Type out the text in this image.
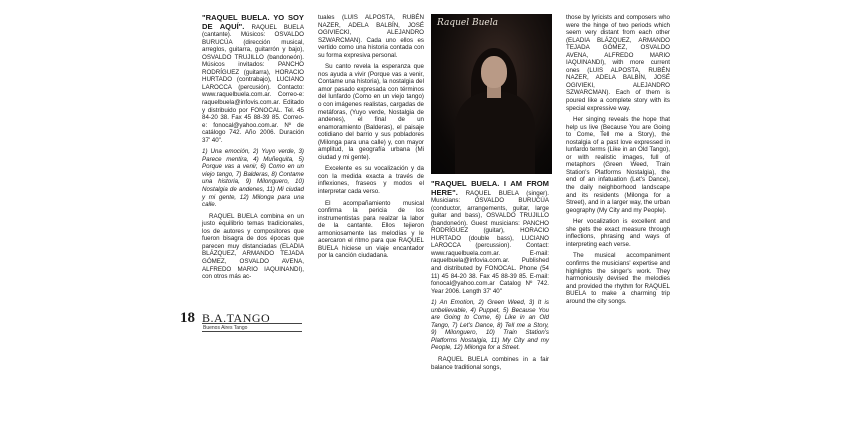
"RAQUEL BUELA. YO SOY DE AQUÍ". RAQUEL BUELA (cantante). Músicos: OSVALDO BURUCÚA (dirección musical, arreglos, guitarra, guitarrón y bajo), OSVALDO TRUJILLO (bandoneón). Músicos invitados: PANCHO RODRÍGUEZ (guitarra), HORACIO HURTADO (contrabajo), LUCIANO LAROCCA (percusión). Contacto: www.raquelbuela.com.ar. Correo-e: raquelbuela@infovis.com.ar. Editado y distribuido por FONOCAL. Tel. 45 84-20 38. Fax 45 88-39 85. Correo-e: fonocal@yahoo.com.ar. Nº de catálogo 742. Año 2006. Duración 37' 40".

1) Una emoción, 2) Yuyo verde, 3) Parece mentira, 4) Muñequita, 5) Porque vas a venir, 6) Como en un viejo tango, 7) Balderas, 8) Contame una historia, 9) Milonguero, 10) Nostalgia de andenes, 11) Mi ciudad y mi gente, 12) Milonga para una calle.

RAQUEL BUELA combina en un justo equilibrio temas tradicionales, los de autores y compositores que fueron bisagra de dos épocas que parecen muy distanciadas (ELADIA BLÁZQUEZ, ARMANDO TEJADA GÓMEZ, OSVALDO AVENA, ALFREDO MARIO IAQUINANDI), con otros más ac-

tuales (LUIS ALPOSTA, RUBÉN NAZER, ADELA BALBÍN, JOSÉ OGIVIECKI, ALEJANDRO SZWARCMAN). Cada uno ellos es vertido como una historia contada con su forma expresiva personal.

Su canto revela la esperanza que nos ayuda a vivir (Porque vas a venir, Contame una historia), la nostalgia del amor pasado expresada con términos del lunfardo (Como en un viejo tango) o con imágenes realistas, cargadas de metáforas, (Yuyo verde, Nostalgia de andenes), el final de un enamoramiento (Balderas), el paisaje cotidiano del barrio y sus pobladores (Milonga para una calle) y, con mayor amplitud, la geografía urbana (Mi ciudad y mi gente).

Excelente es su vocalización y da con la medida exacta a través de inflexiones, fraseos y modos el interpretar cada verso.

El acompañamiento musical confirma la pericia de los instrumentistas para realzar la labor de la cantante. Ellos tejieron armoniosamente las melodías y le acercaron el ritmo para que RAQUEL BUELA hiciese un viaje encantador por la canción ciudadana.

Raquel Buela

"RAQUEL BUELA. I AM FROM HERE". RAQUEL BUELA (singer). Musicians: OSVALDO BURUCÚA (conductor, arrangements, guitar, large guitar and bass), OSVALDO TRUJILLO (bandoneón). Guest musicians: PANCHO RODRÍGUEZ (guitar), HORACIO HURTADO (double bass), LUCIANO LAROCCA (percussion). Contact: www.raquelbuela.com.ar. E-mail: raquelbuela@infovia.com.ar. Published and distributed by FONOCAL. Phone (54 11) 45 84-20 38. Fax 45 88-39 85. E-mail: fonocal@yahoo.com.ar Catalog Nº 742. Year 2006. Length 37' 40"

1) An Emotion, 2) Green Weed, 3) It is unbelievable, 4) Puppet, 5) Because You are Going to Come, 6) Like in an Old Tango, 7) Let's Dance, 8) Tell me a Story, 9) Milonguero, 10) Train Station's Platforms Nostalgia, 11) My City and my People, 12) Milonga for a Street.

RAQUEL BUELA combines in a fair balance traditional songs,

those by lyricists and composers who were the hinge of two periods which seem very distant from each other (ELADIA BLÁZQUEZ, ARMANDO TEJADA GÓMEZ, OSVALDO AVENA, ALFREDO MARIO IAQUINANDI), with more current ones (LUIS ALPOSTA, RUBÉN NAZER, ADELA BALBÍN, JOSÉ OGIVIEKI, ALEJANDRO SZWARCMAN). Each of them is poured like a complete story with its special expressive way.

Her singing reveals the hope that help us live (Because You are Going to Come, Tell me a Story), the nostalgia of a past love expressed in lunfardo terms (Like in an Old Tango), or with realistic images, full of metaphors (Green Weed, Train Station's Platforms Nostalgia), the end of an infatuation (Let's Dance), the daily neighborhood landscape and its residents (Milonga for a Street), and in a larger way, the urban geography (My City and my People).

Her vocalization is excellent and she gets the exact measure through inflections, phrasing and ways of interpreting each verse.

The musical accompaniment confirms the musicians' expertise and highlights the singer's work. They harmoniously devised the melodies and provided the rhythm for RAQUEL BUELA to make a charming trip around the city songs.

18 B.A.TANGO
Buenos Aires Tango
